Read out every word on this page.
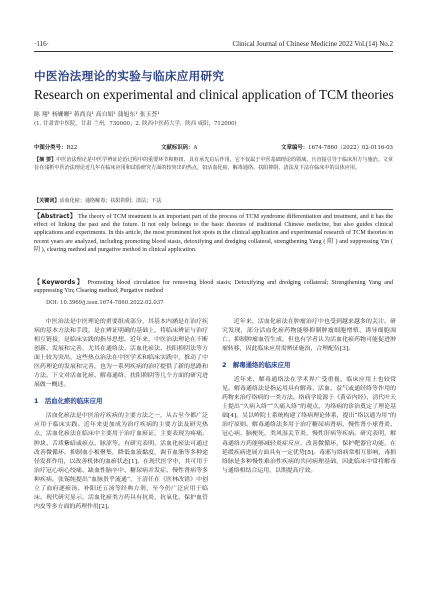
·116·	Clinical Journal of Chinese Medicine 2022 Vol.(14) No.2
中医治法理论的实验与临床应用研究
Research on experimental and clinical application of TCM theories
陈 翔¹ 杨姗姗² 蒋尚良¹ 高自娟¹ 蒲旭东¹ 张玉荟¹
(1. 甘肃省中医院，甘肃 兰州，730000；2. 陕西中医药大学，陕西 咸阳，712000)
中图分类号：R22	文献标识码：A	文章编号：1674-7860（2022）02-0116-03
【摘 要】中医治法理论是中医学辨证论治过程中的重要环节和枢纽，具有承先启后作用，它不仅属于中医基础理论的领域，且直接引导于临床用方与施治。文章旨在浅析中医治法理论近几年在临床应用和试验研究方面的较突出的热点，如活血化瘀、解毒通络、扶阳抑阴、清法及下法在临床中的具体应用。
【关键词】活血化瘀；通络解毒；扶阳抑阴；清法；下法
【Abstract】 The theory of TCM treatment is an important part of the process of TCM syndrome differentiation and treatment, and it has the effect of linking the past and the future. It not only belongs to the basic theories of traditional Chinese medicine, but also guides clinical applications and experiments. In this article, the most prominent hot spots in the clinical application and experimental research of TCM theories in recent years are analyzed, including promoting blood stasis, detoxifying and dredging collateral, strengthening Yang ( 阳 ) and suppressing Yin ( 阴 ), clearing method and purgative method in clinical application.
【Keywords】 Promoting blood circulation for removing blood stasis; Detoxifying and dredging collateral; Strengthening Yang and suppressing Yin; Clearing method; Purgative method
DOI: 10.3969/j.issn.1674-7860.2022.02.037

中医治法是中医理论的重要组成部分，其基本内涵是在治疗疾病的基本方法和手段，是在辨证明确的基础上，将临床辨证与治疗相互链接，是临床实践的指导思想。近年来，中医治法理论在不断创新、发展和完善，尤其在通络法、活血化瘀法、扶阳抑阴法等方面上较为突出，这些热点治法在中医学术和临床实践中，推动了中医药理论的发展和完善，也为一系列疾病的治疗提供了新的思路和方法。下文对活血化瘀、解毒通络、扶阳抑阴等几个方面的研究进展做一概述。

1　活血化瘀的临床应用

活血化瘀法是中医治疗疾病的主要方法之一，从古至今都广泛应用于临床实践。近年来更加成为治疗疾病的主要方法及研究热点，活血化瘀法在临床中主要用于治疗血瘀证，主要表现为疼痛、肿块、舌质紫暗或瘀点、脉涩等。有研究表明，活血化瘀法可通过改善微循环，抑制血小板聚集，降低血液黏度，调节血脂等多种途径发挥作用，以改善机体的血瘀状态[1]。在现代医学中，其可用于治疗冠心病心绞痛、缺血性脑卒中、糖尿病并发症、慢性肾病等多种疾病。张锡纯提出“血脉贵乎流通”，王清任在《医林改错》中创立了血府逐瘀汤、补阳还五汤等经典方剂，至今仍广泛应用于临床。现代研究显示，活血化瘀类方药具有抗炎、抗氧化、保护血管内皮等多方面的药理作用[2]。

近年来，活血化瘀法在肿瘤治疗中也受到越来越多的关注。研究发现，部分活血化瘀药物能够抑制肿瘤细胞增殖、诱导细胞凋亡、抑制肿瘤血管生成，但也有学者认为活血化瘀药物可能促进肿瘤转移，因此临床应用需辨证施治，合理配伍[3]。

2　解毒通络的临床应用

近年来，解毒通络法在学术界广受重视，临床应用上也较常见。解毒通络法是指运用具有解毒、活血、益气或通经络等作用的药物来治疗络病的一类方法。络病学说源于《黄帝内经》，清代叶天士提出“久病入络”“久痛入络”的观点，为络病的诊治奠定了理论基础[4]。吴以岭院士系统构建了络病理论体系，提出“络以通为用”的治疗原则。解毒通络法多用于治疗糖尿病肾病、慢性肾小球肾炎、冠心病、脑梗死、类风湿关节炎、慢性肝病等疾病。研究表明，解毒通络方药能够减轻炎症反应，改善微循环，保护靶器官功能，在延缓疾病进展方面具有一定优势[5]。毒邪与络病常相互影响，毒损络脉是多种慢性难治性疾病的共同病理基础，因此临床中常将解毒与通络相结合运用，以期提高疗效。
